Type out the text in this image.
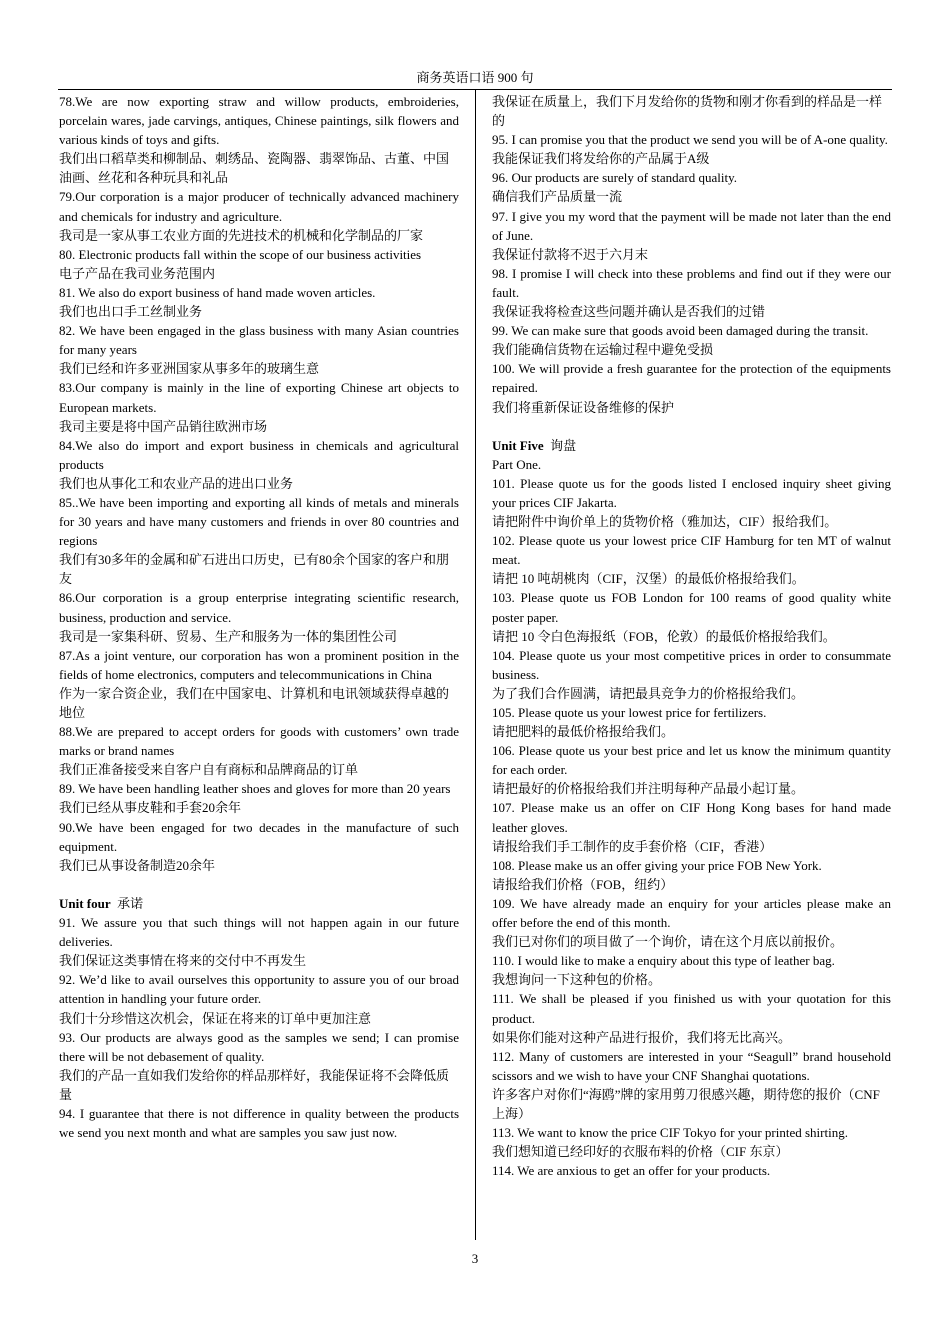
商务英语口语 900 句

78.We are now exporting straw and willow products, embroideries, porcelain wares, jade carvings, antiques, Chinese paintings, silk flowers and various kinds of toys and gifts.

我们出口稻草类和柳制品、刺绣品、瓷陶器、翡翠饰品、古董、中国油画、丝花和各种玩具和礼品

79.Our corporation is a major producer of technically advanced machinery and chemicals for industry and agriculture.

我司是一家从事工农业方面的先进技术的机械和化学制品的厂家

80. Electronic products fall within the scope of our business activities

电子产品在我司业务范围内

81. We also do export business of hand made woven articles.

我们也出口手工丝制业务

82. We have been engaged in the glass business with many Asian countries for many years

我们已经和许多亚洲国家从事多年的玻璃生意

83.Our company is mainly in the line of exporting Chinese art objects to European markets.

我司主要是将中国产品销往欧洲市场

84.We also do import and export business in chemicals and agricultural products

我们也从事化工和农业产品的进出口业务

85..We have been importing and exporting all kinds of metals and minerals for 30 years and have many customers and friends in over 80 countries and regions

我们有30多年的金属和矿石进出口历史，已有80余个国家的客户和朋友

86.Our corporation is a group enterprise integrating scientific research, business, production and service.

我司是一家集科研、贸易、生产和服务为一体的集团性公司

87.As a joint venture, our corporation has won a prominent position in the fields of home electronics, computers and telecommunications in China

作为一家合资企业，我们在中国家电、计算机和电讯领域获得卓越的地位

88.We are prepared to accept orders for goods with customers’ own trade marks or brand names

我们正准备接受来自客户自有商标和品牌商品的订单

89. We have been handling leather shoes and gloves for more than 20 years

我们已经从事皮鞋和手套20余年

90.We have been engaged for two decades in the manufacture of such equipment.

我们已从事设备制造20余年

Unit four 承诺

91. We assure you that such things will not happen again in our future deliveries.

我们保证这类事情在将来的交付中不再发生

92. We’d like to avail ourselves this opportunity to assure you of our broad attention in handling your future order.

我们十分珍惜这次机会，保证在将来的订单中更加注意

93. Our products are always good as the samples we send; I can promise there will be not debasement of quality.

我们的产品一直如我们发给你的样品那样好，我能保证将不会降低质量

94. I guarantee that there is not difference in quality between the products we send you next month and what are samples you saw just now.

我保证在质量上，我们下月发给你的货物和刚才你看到的样品是一样的

95. I can promise you that the product we send you will be of A-one quality.

我能保证我们将发给你的产品属于A级

96. Our products are surely of standard quality.

确信我们产品质量一流

97. I give you my word that the payment will be made not later than the end of June.

我保证付款将不迟于六月末

98. I promise I will check into these problems and find out if they were our fault.

我保证我将检查这些问题并确认是否我们的过错

99. We can make sure that goods avoid been damaged during the transit.

我们能确信货物在运输过程中避免受损

100. We will provide a fresh guarantee for the protection of the equipments repaired.

我们将重新保证设备维修的保护

Unit Five 询盘

Part One.

101. Please quote us for the goods listed I enclosed inquiry sheet giving your prices CIF Jakarta.

请把附件中询价单上的货物价格（雅加达，CIF）报给我们。

102. Please quote us your lowest price CIF Hamburg for ten MT of walnut meat.

请把 10 吨胡桃肉（CIF，汉堡）的最低价格报给我们。

103. Please quote us FOB London for 100 reams of good quality white poster paper.

请把 10 令白色海报纸（FOB，伦敦）的最低价格报给我们。

104. Please quote us your most competitive prices in order to consummate business.

为了我们合作圆满，请把最具竞争力的价格报给我们。

105. Please quote us your lowest price for fertilizers.

请把肥料的最低价格报给我们。

106. Please quote us your best price and let us know the minimum quantity for each order.

请把最好的价格报给我们并注明每种产品最小起订量。

107. Please make us an offer on CIF Hong Kong bases for hand made leather gloves.

请报给我们手工制作的皮手套价格（CIF，香港）

108. Please make us an offer giving your price FOB New York.

请报给我们价格（FOB，纽约）

109. We have already made an enquiry for your articles please make an offer before the end of this month.

我们已对你们的项目做了一个询价，请在这个月底以前报价。

110. I would like to make a enquiry about this type of leather bag.

我想询问一下这种包的价格。

111. We shall be pleased if you finished us with your quotation for this product.

如果你们能对这种产品进行报价，我们将无比高兴。

112. Many of customers are interested in your “Seagull” brand household scissors and we wish to have your CNF Shanghai quotations.

许多客户对你们“海鸥”牌的家用剪刀很感兴趣，期待您的报价（CNF 上海）

113. We want to know the price CIF Tokyo for your printed shirting.

我们想知道已经印好的衣服布料的价格（CIF 东京）

114. We are anxious to get an offer for your products.

3
